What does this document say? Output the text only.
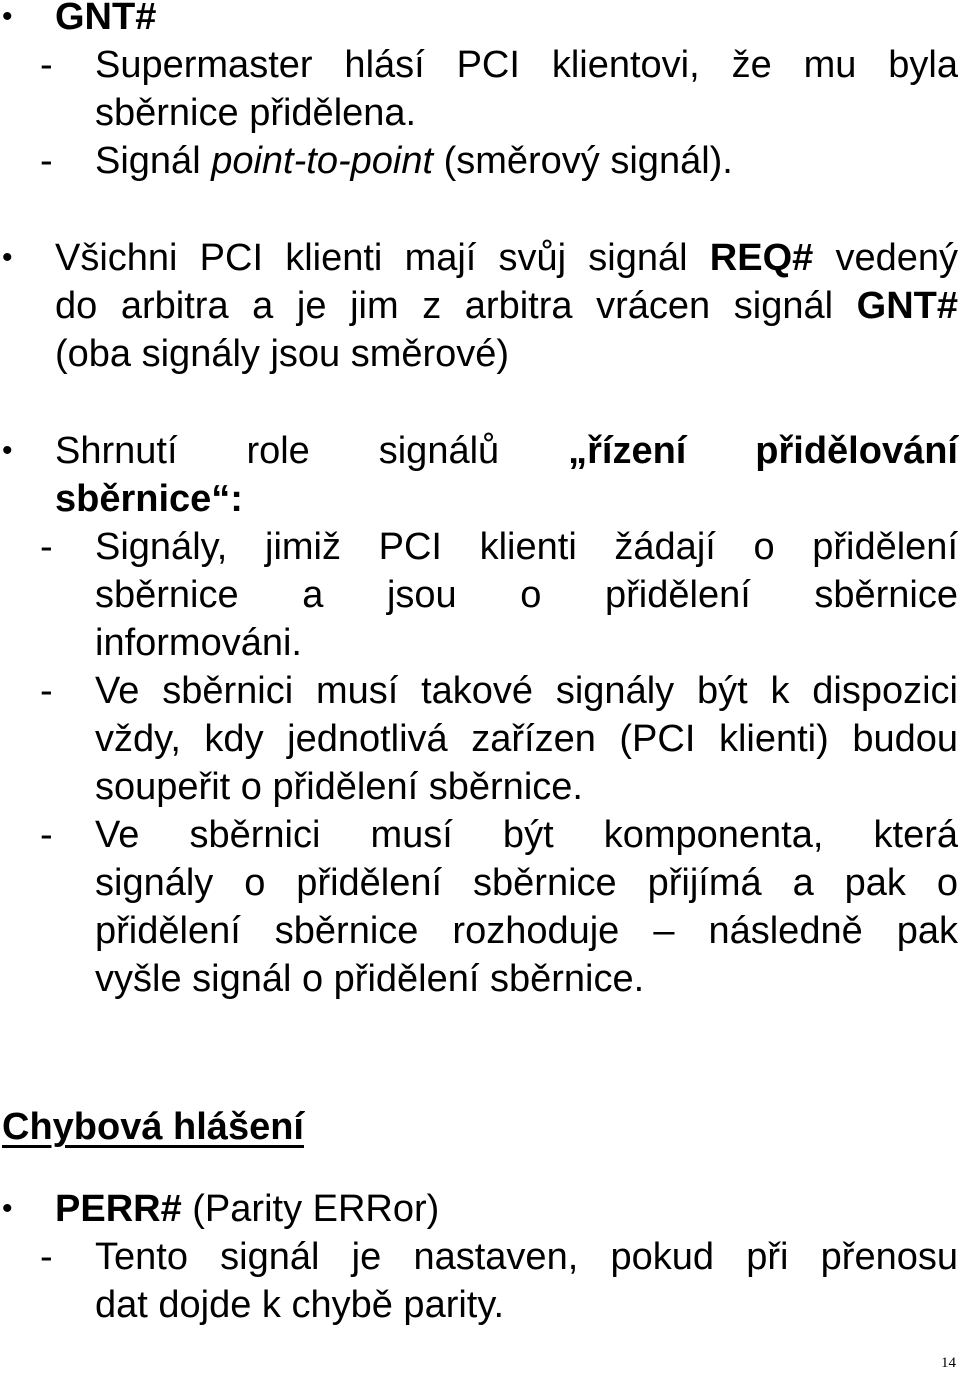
• GNT#
- Supermaster hlásí PCI klientovi, že mu byla
sběrnice přidělena.
- Signál point-to-point (směrový signál).
• Všichni PCI klienti mají svůj signál REQ# vedený
do arbitra a je jim z arbitra vrácen signál GNT#
(oba signály jsou směrové)
• Shrnutí role signálů „řízení přidělování
sběrnice“:
- Signály, jimiž PCI klienti žádají o přidělení
sběrnice a jsou o přidělení sběrnice
informováni.
- Ve sběrnici musí takové signály být k dispozici
vždy, kdy jednotlivá zařízen (PCI klienti) budou
soupeřit o přidělení sběrnice.
- Ve sběrnici musí být komponenta, která
signály o přidělení sběrnice přijímá a pak o
přidělení sběrnice rozhoduje – následně pak
vyšle signál o přidělení sběrnice.
Chybová hlášení
• PERR# (Parity ERRor)
- Tento signál je nastaven, pokud při přenosu
dat dojde k chybě parity.
14
